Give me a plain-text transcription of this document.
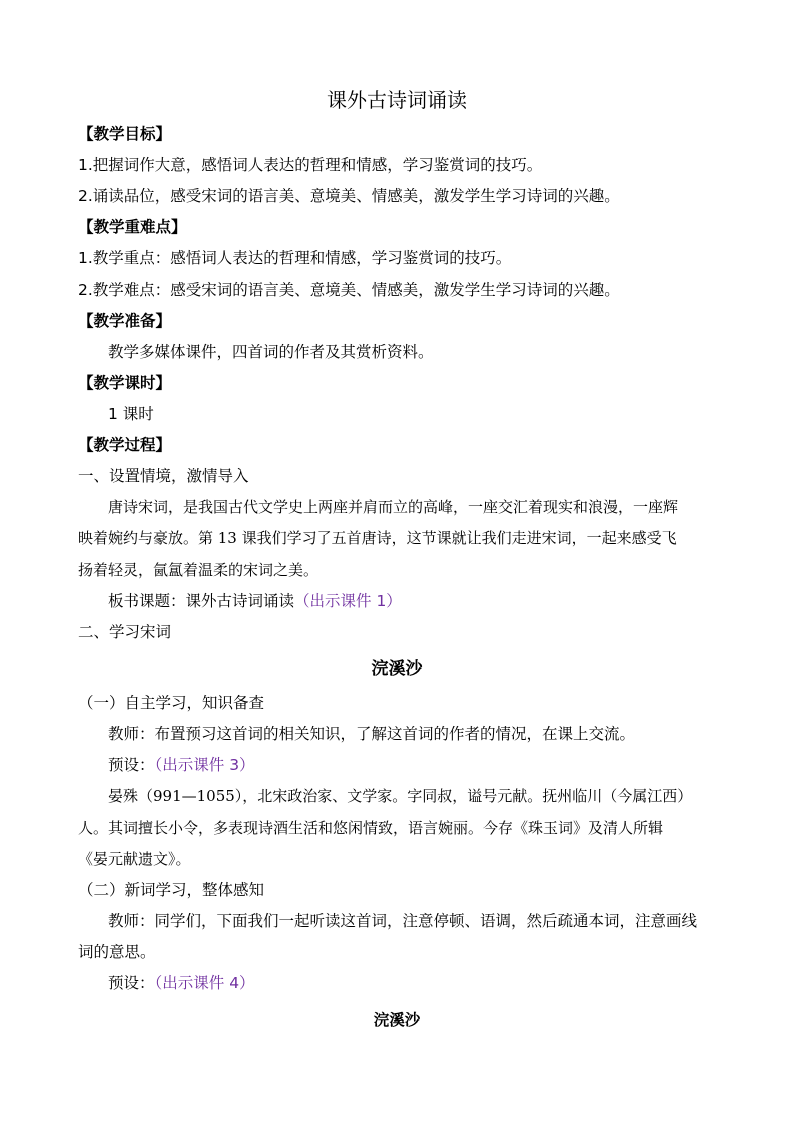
课外古诗词诵读
【教学目标】
1.把握词作大意，感悟词人表达的哲理和情感，学习鉴赏词的技巧。
2.诵读品位，感受宋词的语言美、意境美、情感美，激发学生学习诗词的兴趣。
【教学重难点】
1.教学重点：感悟词人表达的哲理和情感，学习鉴赏词的技巧。
2.教学难点：感受宋词的语言美、意境美、情感美，激发学生学习诗词的兴趣。
【教学准备】
教学多媒体课件，四首词的作者及其赏析资料。
【教学课时】
1 课时
【教学过程】
一、设置情境，激情导入
唐诗宋词，是我国古代文学史上两座并肩而立的高峰，一座交汇着现实和浪漫，一座辉
映着婉约与豪放。第 13 课我们学习了五首唐诗，这节课就让我们走进宋词，一起来感受飞
扬着轻灵，氤氲着温柔的宋词之美。
板书课题：课外古诗词诵读（出示课件 1）
二、学习宋词
浣溪沙
（一）自主学习，知识备查
教师：布置预习这首词的相关知识，了解这首词的作者的情况，在课上交流。
预设：（出示课件 3）
晏殊（991—1055），北宋政治家、文学家。字同叔，谥号元献。抚州临川（今属江西）
人。其词擅长小令，多表现诗酒生活和悠闲情致，语言婉丽。今存《珠玉词》及清人所辑
《晏元献遗文》。
（二）新词学习，整体感知
教师：同学们，下面我们一起听读这首词，注意停顿、语调，然后疏通本词，注意画线
词的意思。
预设：（出示课件 4）
浣溪沙
